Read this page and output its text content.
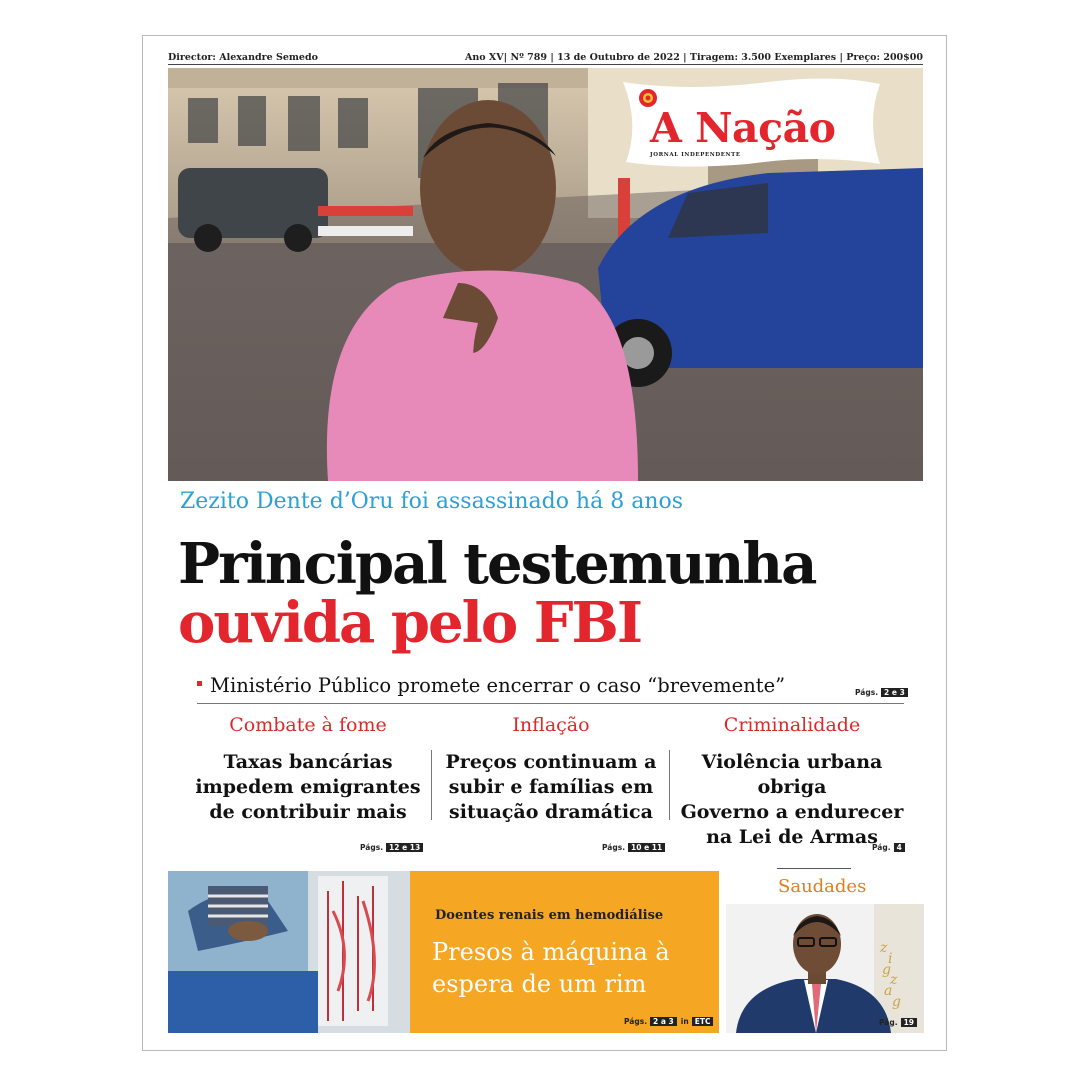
Director: Alexandre Semedo	Ano XV| Nº 789 | 13 de Outubro de 2022 | Tiragem: 3.500 Exemplares | Preço: 200$00
A Nação
JORNAL INDEPENDENTE
Zezito Dente d’Oru foi assassinado há 8 anos
Principal testemunha
ouvida pelo FBI
Ministério Público promete encerrar o caso “brevemente”	Págs. 2 e 3
Combate à fome
Taxas bancárias
impedem emigrantes
de contribuir mais
Inflação
Preços continuam a
subir e famílias em
situação dramática
Criminalidade
Violência urbana obriga
Governo a endurecer
na Lei de Armas
Págs. 12 e 13	Págs. 10 e 11	Pág. 4
Doentes renais em hemodiálise
Presos à máquina à espera de um rim
Págs. 2 a 3 in ETC
Saudades
zi gz ag
Pág. 19
